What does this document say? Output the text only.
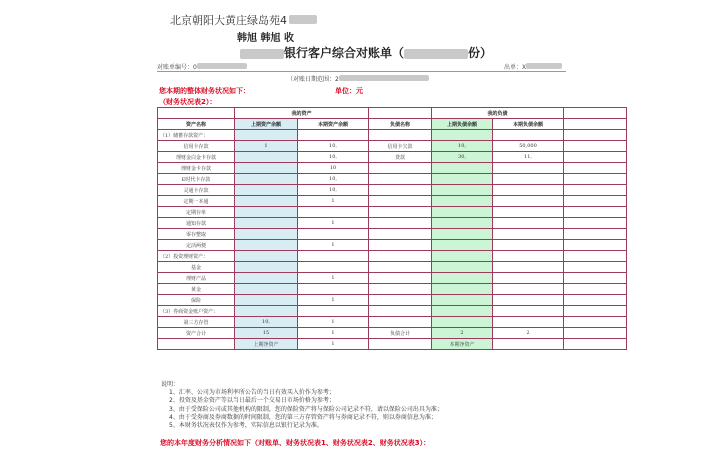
北京朝阳大黄庄绿岛苑4
韩旭 韩旭 收
银行客户综合对账单（	份）
对账单编号：0	出单：X
（对账日期范围：2
您本期的整体财务状况如下：	单位：元
（财务状况表2）：
	我的资产			我的负债		
资产名称	上期资产余额	本期资产余额	负债名称	上期负债余额	本期负债余额	
（1）储蓄存款资产：						
信用卡存款	1	10,	信用卡欠款	10,	50,000	
理财金白金卡存款		10,	贷款	30,	11,	
理财金卡存款		10				
E时代卡存款		10,				
灵通卡存款		10,				
定期一本通		1				
定期存单						
通知存款		1				
零存整取						
定活两便		1				
（2）投资理财资产：						
基金						
理财产品		1				
黄金						
保险		1				
（3）券商资金账户资产：						
第三方存管	10,	1				
资产合计	15	1	负债合计	2	2	
	上期净资产	1		本期净资产		
说明：
1、汇率、公司为市场利率所公告的当日有效买入价作为参考；
2、投资及基金资产等以当日最后一个交易日市场价格为参考；
3、由于受保险公司或其他机构的限制，您的保险资产将与保险公司记录不符，请以保险公司出具为准；
4、由于受券商及券商数据的时间限制，您的第三方存管资产将与券商记录不符，则以券商信息为准；
5、本财务状况表仅作为参考，实际信息以银行记录为准。
您的本年度财务分析情况如下（对账单、财务状况表1、财务状况表2、财务状况表3）：
